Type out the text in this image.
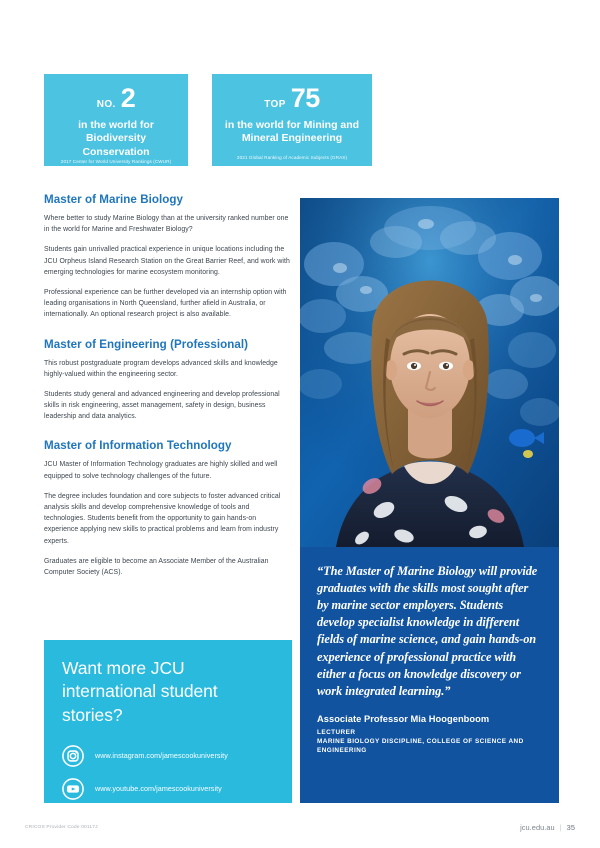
NO. 2
in the world for Biodiversity Conservation
2017 Center for World University Rankings (CWUR)
TOP 75
in the world for Mining and Mineral Engineering
2021 Global Ranking of Academic Subjects (GRAS)
Master of Marine Biology

Where better to study Marine Biology than at the university ranked number one in the world for Marine and Freshwater Biology?

Students gain unrivalled practical experience in unique locations including the JCU Orpheus Island Research Station on the Great Barrier Reef, and work with emerging technologies for marine ecosystem monitoring.

Professional experience can be further developed via an internship option with leading organisations in North Queensland, further afield in Australia, or internationally. An optional research project is also available.

Master of Engineering (Professional)

This robust postgraduate program develops advanced skills and knowledge highly-valued within the engineering sector.

Students study general and advanced engineering and develop professional skills in risk engineering, asset management, safety in design, business leadership and data analytics.

Master of Information Technology

JCU Master of Information Technology graduates are highly skilled and well equipped to solve technology challenges of the future.

The degree includes foundation and core subjects to foster advanced critical analysis skills and develop comprehensive knowledge of tools and technologies. Students benefit from the opportunity to gain hands-on experience applying new skills to practical problems and learn from industry experts.

Graduates are eligible to become an Associate Member of the Australian Computer Society (ACS).	“The Master of Marine Biology will provide graduates with the skills most sought after by marine sector employers. Students develop specialist knowledge in different fields of marine science, and gain hands-on experience of professional practice with either a focus on knowledge discovery or work integrated learning.”

Associate Professor Mia Hoogenboom

LECTURER

MARINE BIOLOGY DISCIPLINE, COLLEGE OF SCIENCE AND ENGINEERING

Want more JCU international student stories?
www.instagram.com/jamescookuniversity
www.youtube.com/jamescookuniversity
CRICOS Provider Code 00117J	jcu.edu.au | 35
